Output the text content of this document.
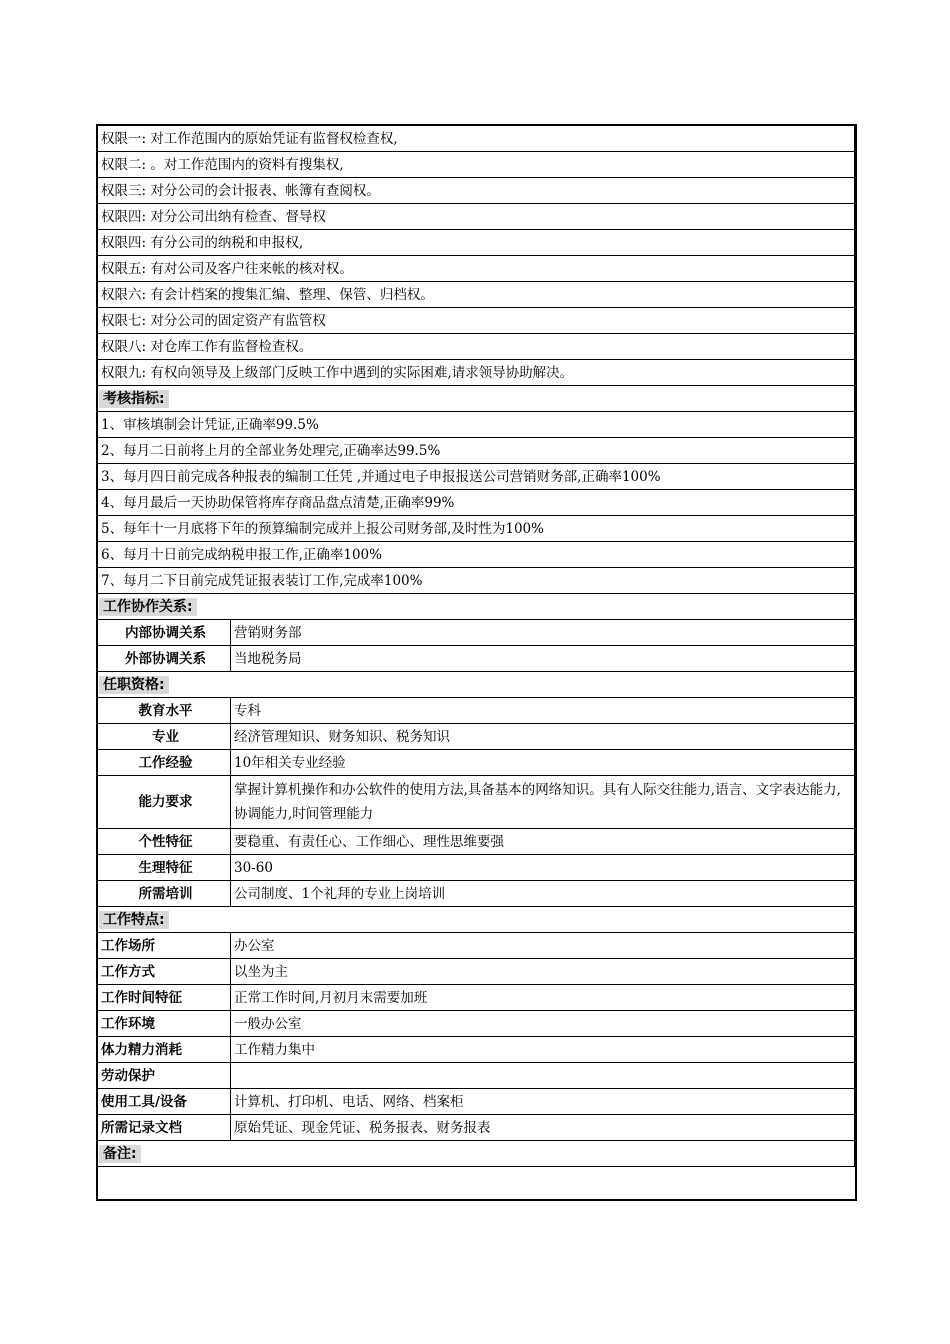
权限一: 对工作范围内的原始凭证有监督权检查权,	
权限二: 。对工作范围内的资料有搜集权,	
权限三: 对分公司的会计报表、帐簿有查阅权。	
权限四: 对分公司出纳有检查、督导权	
权限四: 有分公司的纳税和申报权,	
权限五: 有对公司及客户往来帐的核对权。	
权限六: 有会计档案的搜集汇编、整理、保管、归档权。	
权限七: 对分公司的固定资产有监管权	
权限八: 对仓库工作有监督检查权。	
权限九: 有权向领导及上级部门反映工作中遇到的实际困难,请求领导协助解决。	
考核指标:	
1、审核填制会计凭证,正确率99.5%	
2、每月二日前将上月的全部业务处理完,正确率达99.5%	
3、每月四日前完成各种报表的编制工任凭 ,并通过电子申报报送公司营销财务部,正确率100%	
4、每月最后一天协助保管将库存商品盘点清楚,正确率99%	
5、每年十一月底将下年的预算编制完成并上报公司财务部,及时性为100%	
6、每月十日前完成纳税申报工作,正确率100%	
7、每月二下日前完成凭证报表装订工作,完成率100%	
工作协作关系:	
内部协调关系	营销财务部
外部协调关系	当地税务局
任职资格:	
教育水平	专科
专业	经济管理知识、财务知识、税务知识
工作经验	10年相关专业经验
能力要求	掌握计算机操作和办公软件的使用方法,具备基本的网络知识。具有人际交往能力,语言、文字表达能力,协调能力,时间管理能力
个性特征	要稳重、有责任心、工作细心、理性思维要强
生理特征	30-60
所需培训	公司制度、1个礼拜的专业上岗培训
工作特点:	
工作场所	办公室
工作方式	以坐为主
工作时间特征	正常工作时间,月初月末需要加班
工作环境	一般办公室
体力精力消耗	工作精力集中
劳动保护	
使用工具/设备	计算机、打印机、电话、网络、档案柜
所需记录文档	原始凭证、现金凭证、税务报表、财务报表
备注:	
